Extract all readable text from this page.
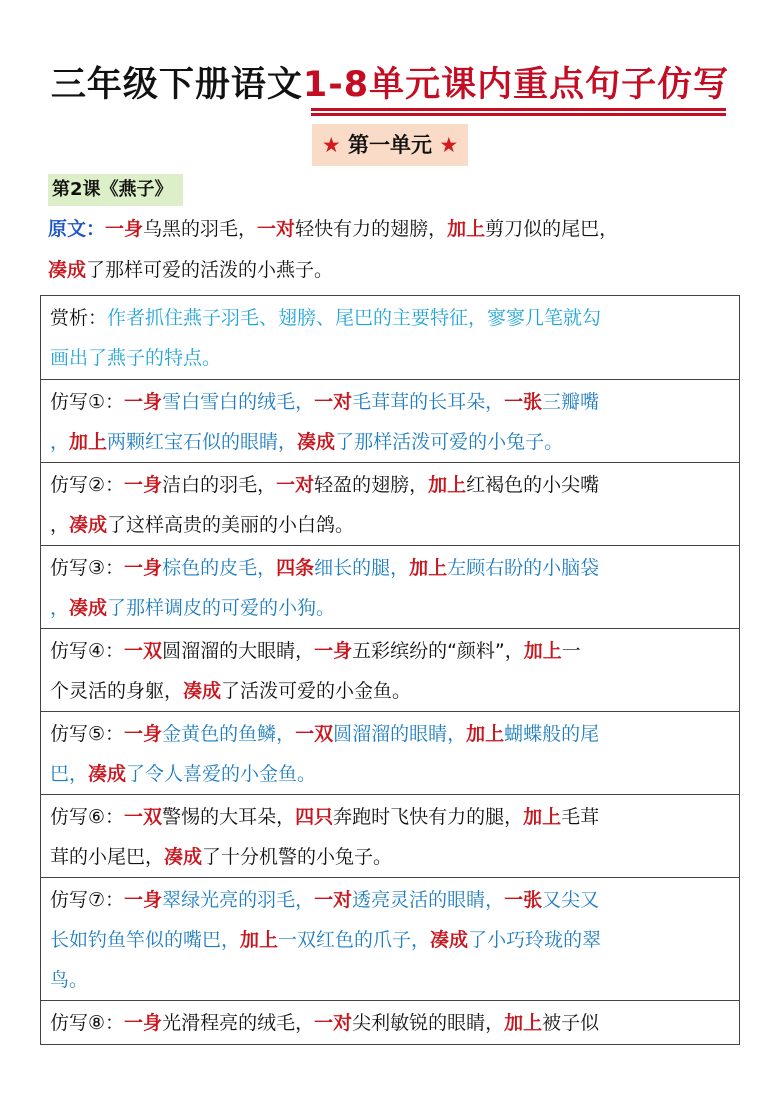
三年级下册语文1-8单元课内重点句子仿写
★ 第一单元 ★
第2课《燕子》
原文：一身乌黑的羽毛，一对轻快有力的翅膀，加上剪刀似的尾巴，
凑成了那样可爱的活泼的小燕子。
赏析：作者抓住燕子羽毛、翅膀、尾巴的主要特征，寥寥几笔就勾
画出了燕子的特点。
仿写①：一身雪白雪白的绒毛，一对毛茸茸的长耳朵，一张三瓣嘴
，加上两颗红宝石似的眼睛，凑成了那样活泼可爱的小兔子。
仿写②：一身洁白的羽毛，一对轻盈的翅膀，加上红褐色的小尖嘴
，凑成了这样高贵的美丽的小白鸽。
仿写③：一身棕色的皮毛，四条细长的腿，加上左顾右盼的小脑袋
，凑成了那样调皮的可爱的小狗。
仿写④：一双圆溜溜的大眼睛，一身五彩缤纷的“颜料”，加上一
个灵活的身躯，凑成了活泼可爱的小金鱼。
仿写⑤：一身金黄色的鱼鳞，一双圆溜溜的眼睛，加上蝴蝶般的尾
巴，凑成了令人喜爱的小金鱼。
仿写⑥：一双警惕的大耳朵，四只奔跑时飞快有力的腿，加上毛茸
茸的小尾巴，凑成了十分机警的小兔子。
仿写⑦：一身翠绿光亮的羽毛，一对透亮灵活的眼睛，一张又尖又
长如钓鱼竿似的嘴巴，加上一双红色的爪子，凑成了小巧玲珑的翠
鸟。
仿写⑧：一身光滑程亮的绒毛，一对尖利敏锐的眼睛，加上被子似
